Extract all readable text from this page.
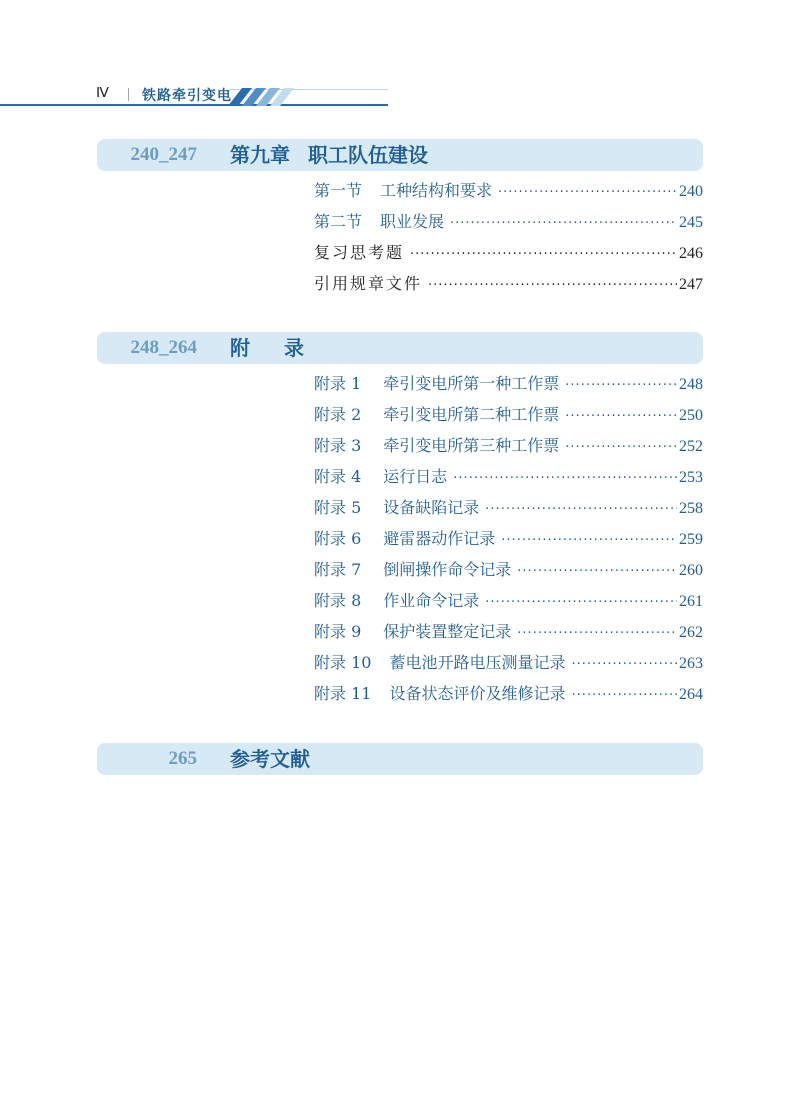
Ⅳ 铁路牵引变电
240_247 第九章 职工队伍建设
第一节 工种结构和要求 ·····	240
第二节 职业发展 ·····	245
复习思考题 ·····	246
引用规章文件 ·····	247
248_264 附录
附录 1 牵引变电所第一种工作票 ·····	248
附录 2 牵引变电所第二种工作票 ·····	250
附录 3 牵引变电所第三种工作票 ·····	252
附录 4 运行日志 ·····	253
附录 5 设备缺陷记录 ·····	258
附录 6 避雷器动作记录 ·····	259
附录 7 倒闸操作命令记录 ·····	260
附录 8 作业命令记录 ·····	261
附录 9 保护装置整定记录 ·····	262
附录 10 蓄电池开路电压测量记录 ·····	263
附录 11 设备状态评价及维修记录 ·····	264
265 参考文献
